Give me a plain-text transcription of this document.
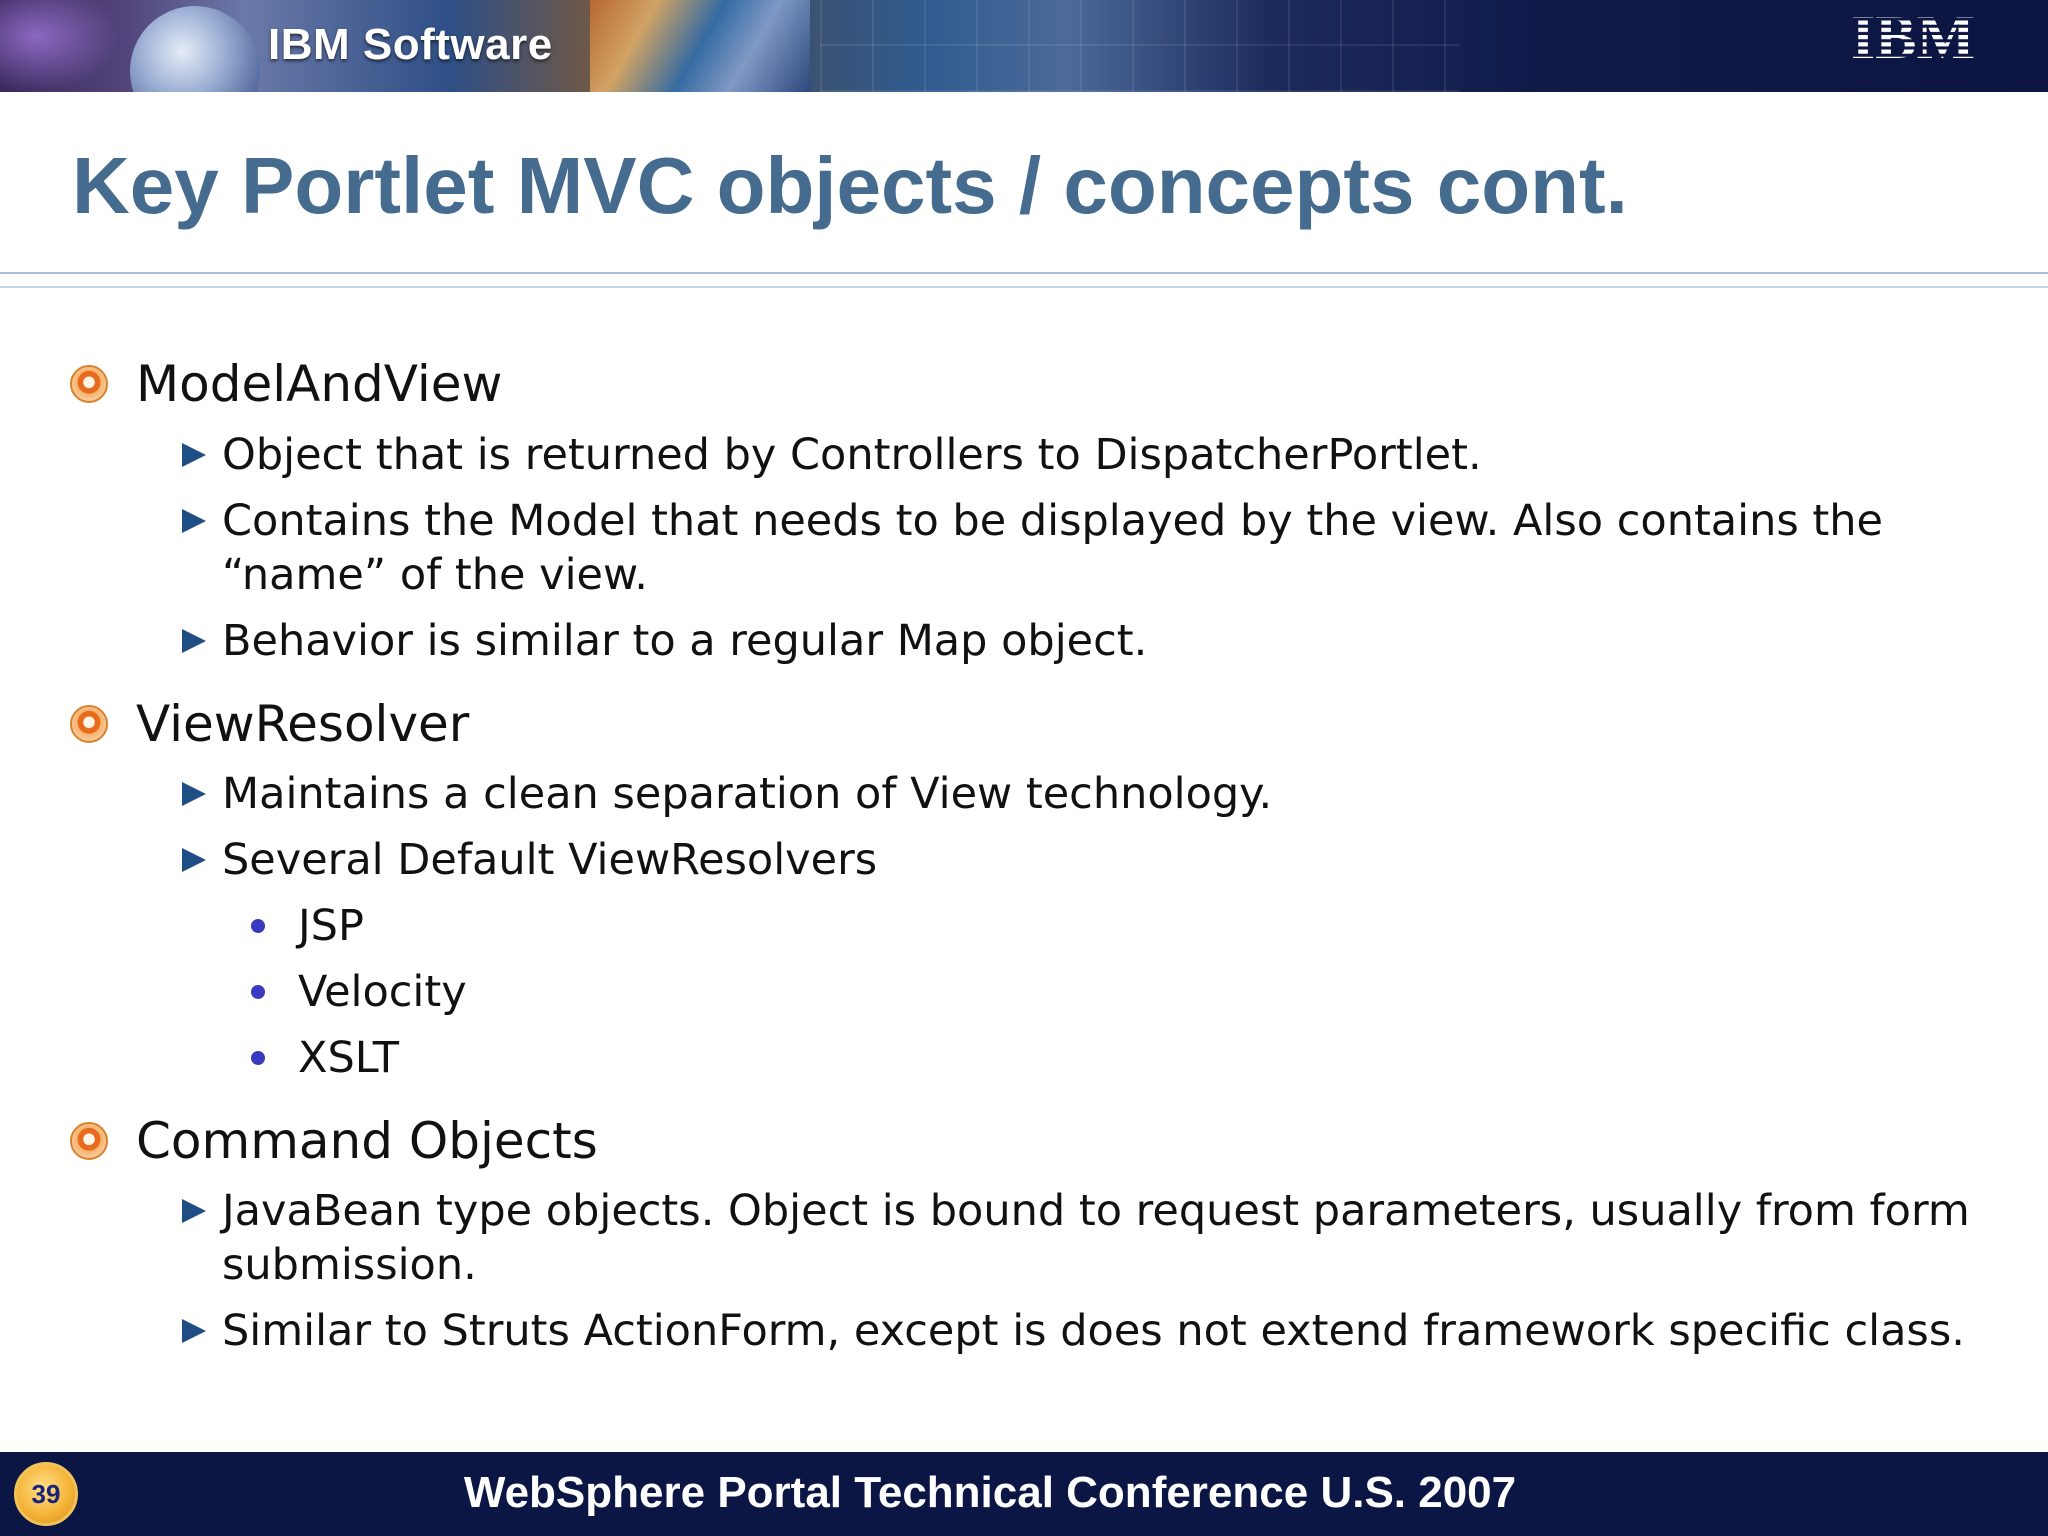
IBM Software
Key Portlet MVC objects / concepts cont.
ModelAndView
Object that is returned by Controllers to DispatcherPortlet.
Contains the Model that needs to be displayed by the view. Also contains the “name” of the view.
Behavior is similar to a regular Map object.
ViewResolver
Maintains a clean separation of View technology.
Several Default ViewResolvers
JSP
Velocity
XSLT
Command Objects
JavaBean type objects. Object is bound to request parameters, usually from form submission.
Similar to Struts ActionForm, except is does not extend framework specific class.
39	WebSphere Portal Technical Conference U.S. 2007
